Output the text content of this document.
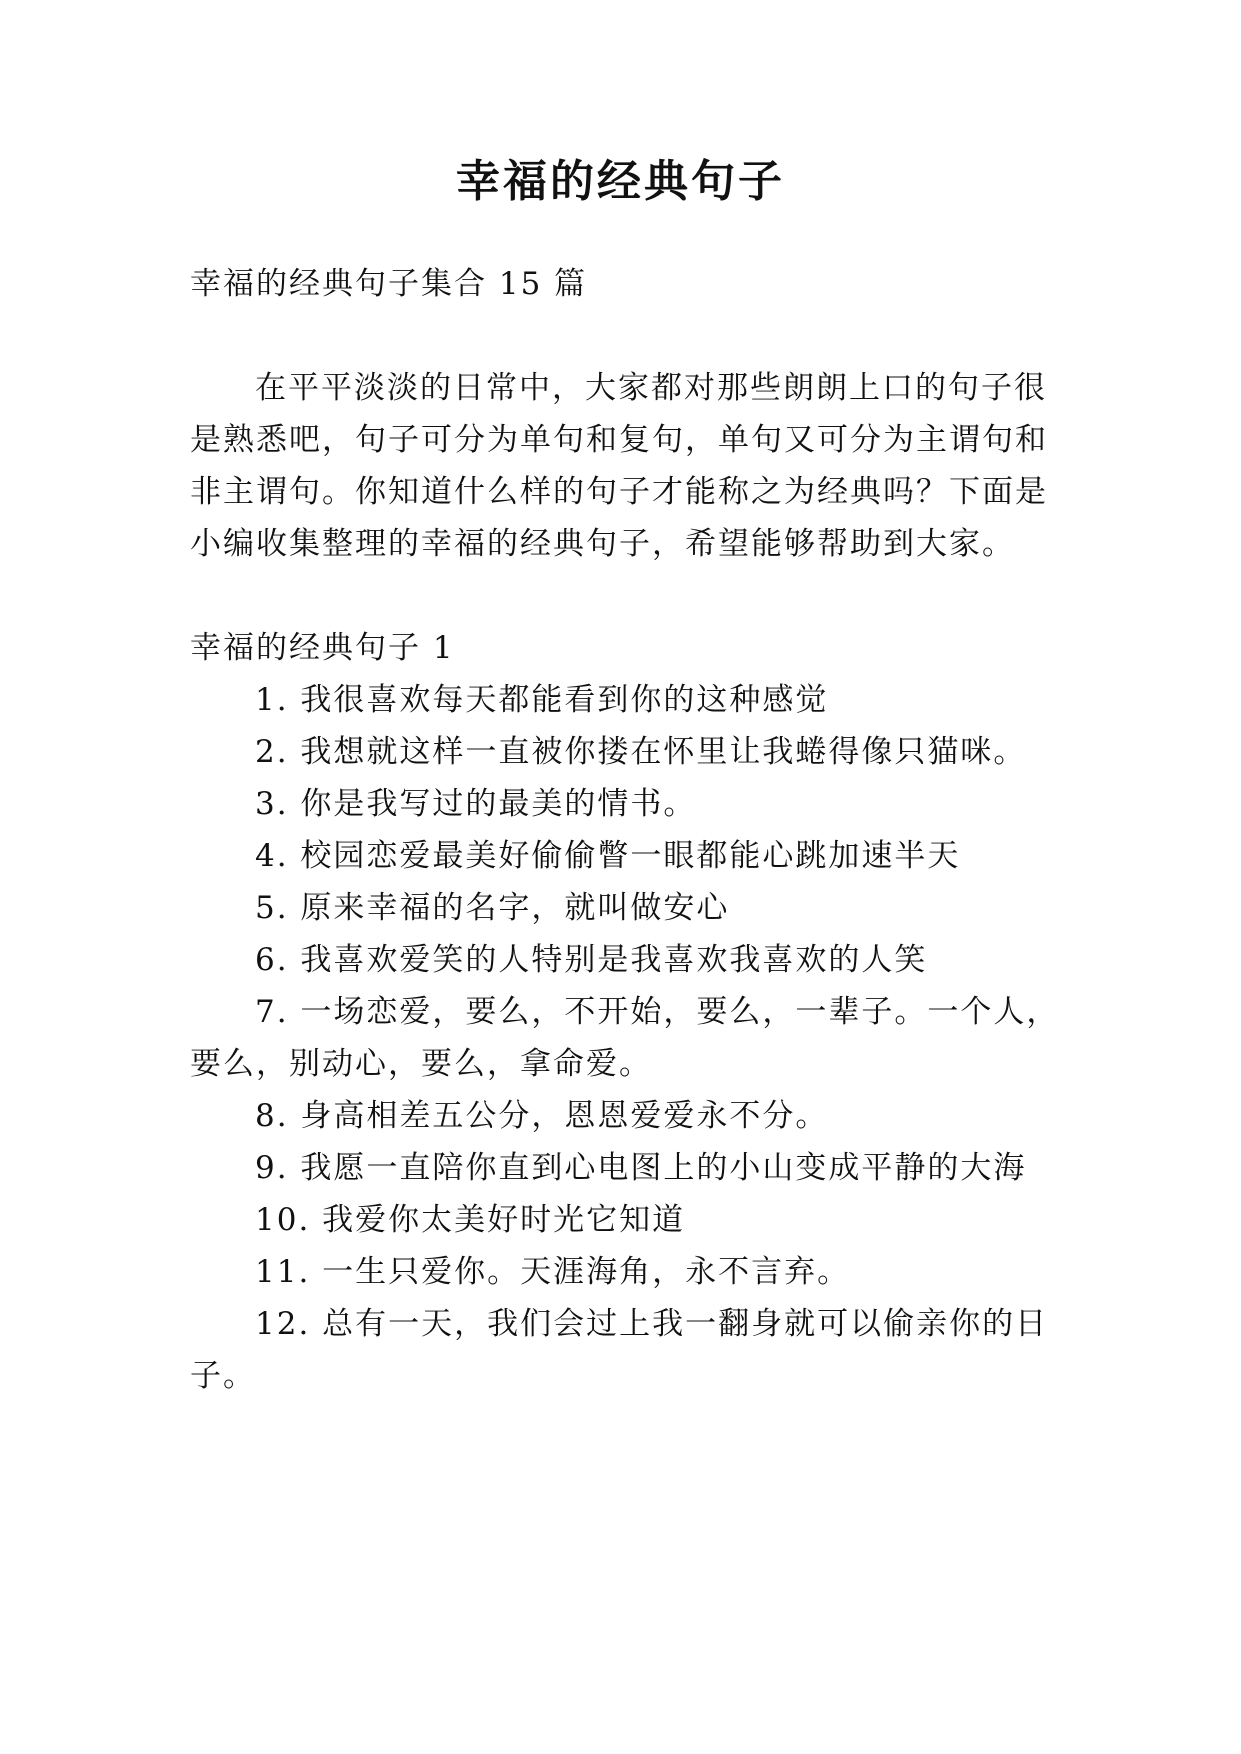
幸福的经典句子
幸福的经典句子集合 15 篇
在平平淡淡的日常中，大家都对那些朗朗上口的句子很
是熟悉吧，句子可分为单句和复句，单句又可分为主谓句和
非主谓句。你知道什么样的句子才能称之为经典吗？下面是
小编收集整理的幸福的经典句子，希望能够帮助到大家。
幸福的经典句子 1
1. 我很喜欢每天都能看到你的这种感觉
2. 我想就这样一直被你搂在怀里让我蜷得像只猫咪。
3. 你是我写过的最美的情书。
4. 校园恋爱最美好偷偷瞥一眼都能心跳加速半天
5. 原来幸福的名字，就叫做安心
6. 我喜欢爱笑的人特别是我喜欢我喜欢的人笑
7. 一场恋爱，要么，不开始，要么，一辈子。一个人，
要么，别动心，要么，拿命爱。
8. 身高相差五公分，恩恩爱爱永不分。
9. 我愿一直陪你直到心电图上的小山变成平静的大海
10. 我爱你太美好时光它知道
11. 一生只爱你。天涯海角，永不言弃。
12. 总有一天，我们会过上我一翻身就可以偷亲你的日
子。
